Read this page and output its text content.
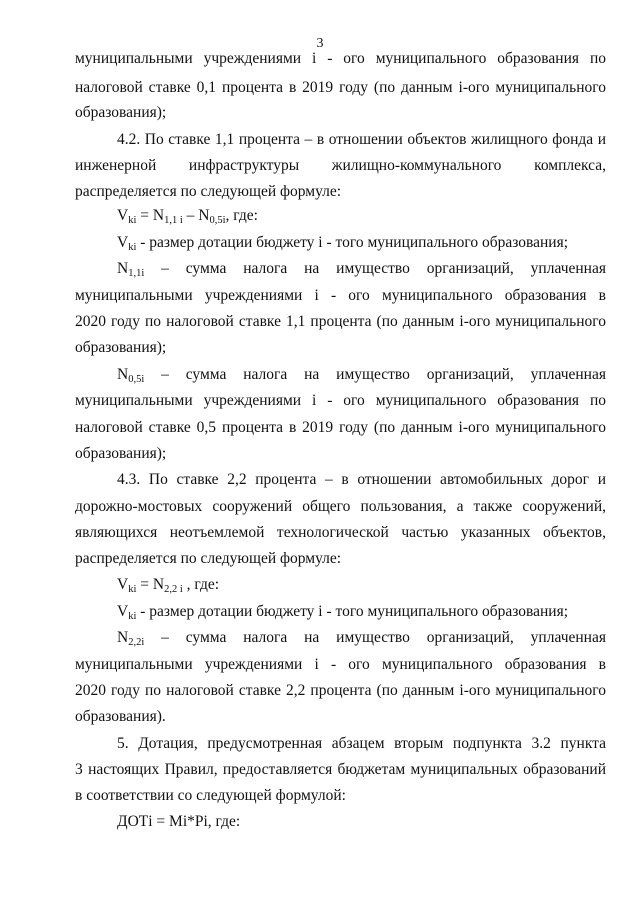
3
муниципальными учреждениями i - ого муниципального образования по
налоговой ставке 0,1 процента в 2019 году (по данным i-ого муниципального
образования);
4.2. По ставке 1,1 процента – в отношении объектов жилищного фонда и
инженерной инфраструктуры жилищно-коммунального комплекса,
распределяется по следующей формуле:
Vki = N1,1 i – N0,5i, где:
Vki - размер дотации бюджету i - того муниципального образования;
N1,1i – сумма налога на имущество организаций, уплаченная
муниципальными учреждениями i - ого муниципального образования в
2020 году по налоговой ставке 1,1 процента (по данным i-ого муниципального
образования);
N0,5i – сумма налога на имущество организаций, уплаченная
муниципальными учреждениями i - ого муниципального образования по
налоговой ставке 0,5 процента в 2019 году (по данным i-ого муниципального
образования);
4.3. По ставке 2,2 процента – в отношении автомобильных дорог и
дорожно-мостовых сооружений общего пользования, а также сооружений,
являющихся неотъемлемой технологической частью указанных объектов,
распределяется по следующей формуле:
Vki = N2,2 i , где:
Vki - размер дотации бюджету i - того муниципального образования;
N2,2i – сумма налога на имущество организаций, уплаченная
муниципальными учреждениями i - ого муниципального образования в
2020 году по налоговой ставке 2,2 процента (по данным i-ого муниципального
образования).
5. Дотация, предусмотренная абзацем вторым подпункта 3.2 пункта
3 настоящих Правил, предоставляется бюджетам муниципальных образований
в соответствии со следующей формулой:
ДОТi = Mi*Pi, где:
